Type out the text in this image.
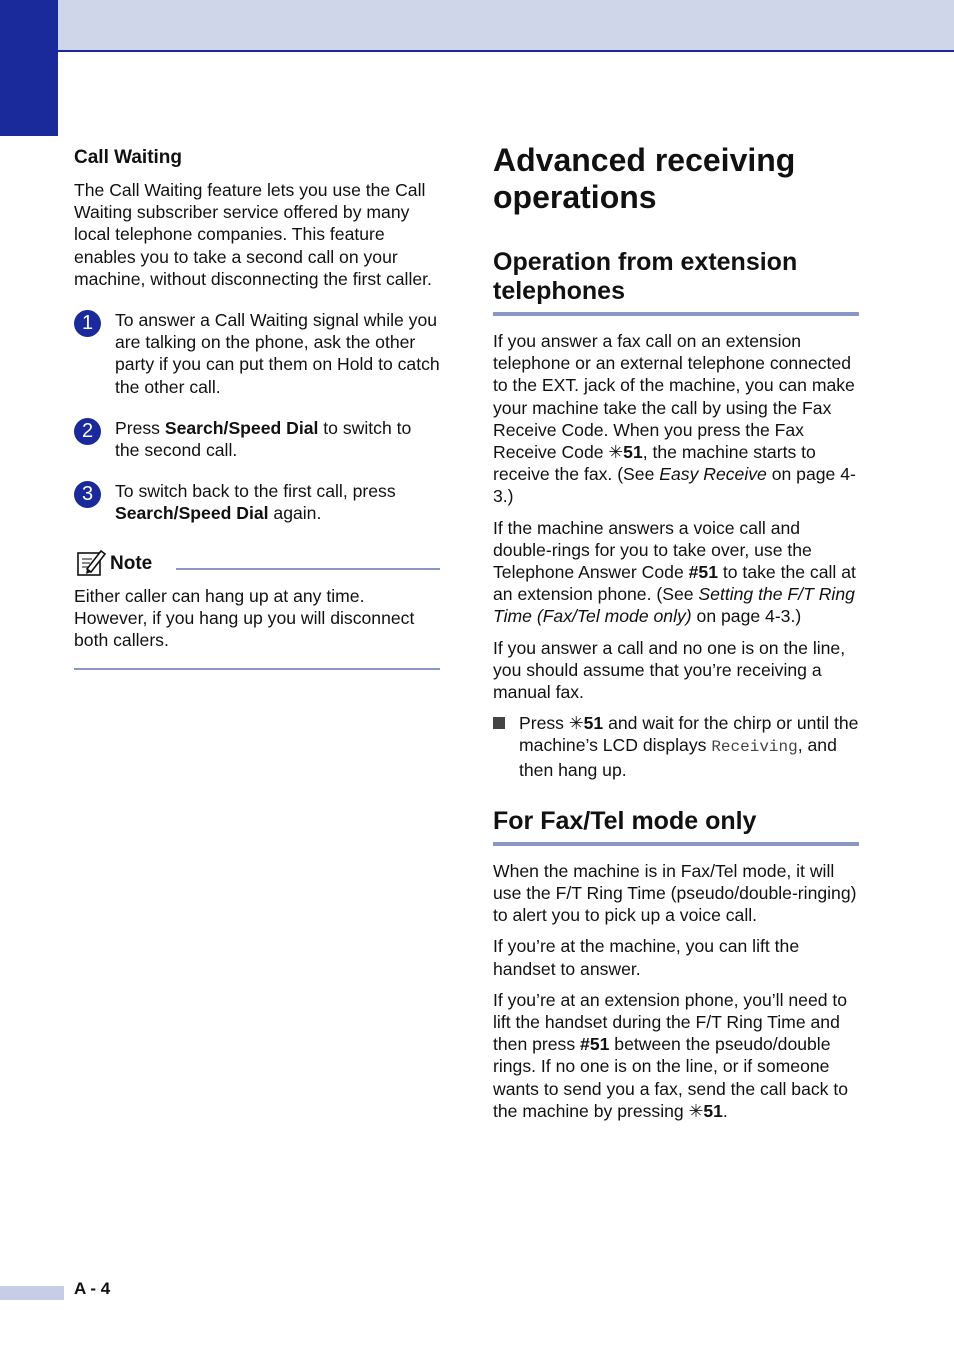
Call Waiting

The Call Waiting feature lets you use the Call Waiting subscriber service offered by many local telephone companies. This feature enables you to take a second call on your machine, without disconnecting the first caller.

1	To answer a Call Waiting signal while you are talking on the phone, ask the other party if you can put them on Hold to catch the other call.
2	Press Search/Speed Dial to switch to the second call.
3	To switch back to the first call, press Search/Speed Dial again.
Note

Either caller can hang up at any time. However, if you hang up you will disconnect both callers.

Advanced receiving operations
Operation from extension telephones

If you answer a fax call on an extension telephone or an external telephone connected to the EXT. jack of the machine, you can make your machine take the call by using the Fax Receive Code. When you press the Fax Receive Code ✳51, the machine starts to receive the fax. (See Easy Receive on page 4-3.)

If the machine answers a voice call and double-rings for you to take over, use the Telephone Answer Code #51 to take the call at an extension phone. (See Setting the F/T Ring Time (Fax/Tel mode only) on page 4-3.)

If you answer a call and no one is on the line, you should assume that you’re receiving a manual fax.

Press ✳51 and wait for the chirp or until the machine’s LCD displays Receiving, and then hang up.
For Fax/Tel mode only

When the machine is in Fax/Tel mode, it will use the F/T Ring Time (pseudo/double-ringing) to alert you to pick up a voice call.

If you’re at the machine, you can lift the handset to answer.

If you’re at an extension phone, you’ll need to lift the handset during the F/T Ring Time and then press #51 between the pseudo/double rings. If no one is on the line, or if someone wants to send you a fax, send the call back to the machine by pressing ✳51.

A - 4
